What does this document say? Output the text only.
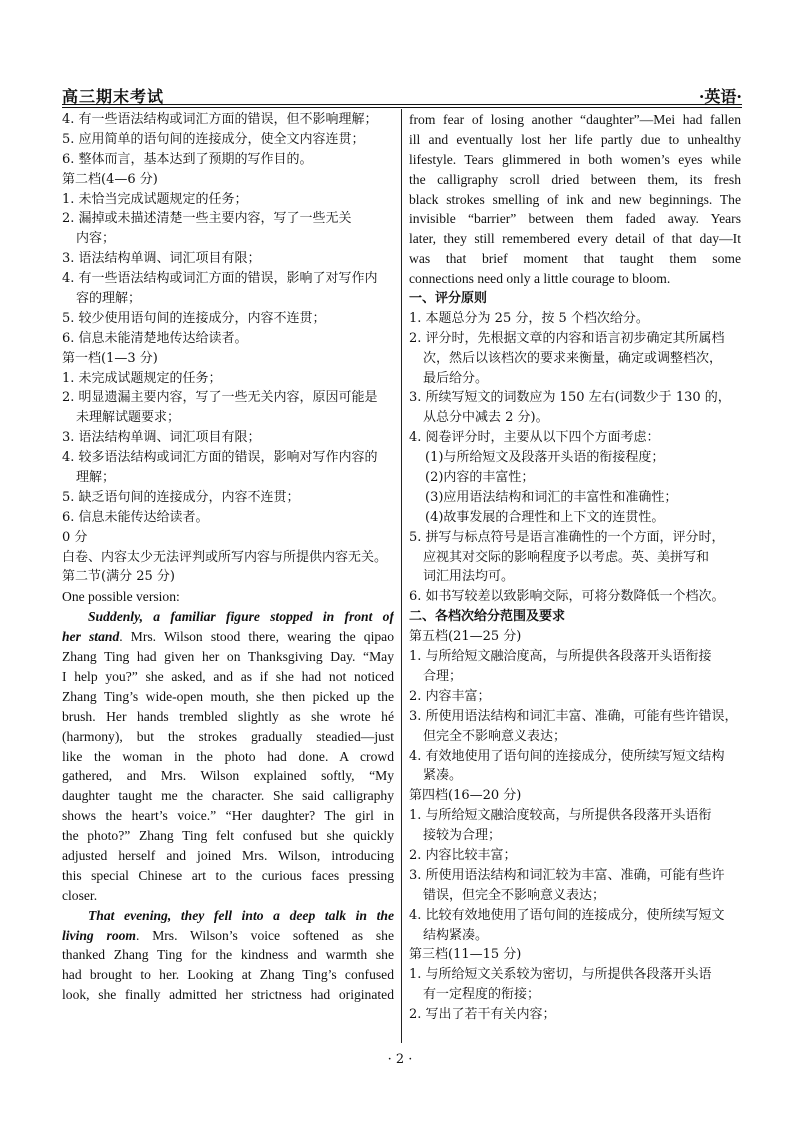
高三期末考试	·英语·
4. 有一些语法结构或词汇方面的错误，但不影响理解；
5. 应用简单的语句间的连接成分，使全文内容连贯；
6. 整体而言，基本达到了预期的写作目的。
第二档(4—6 分)
1. 未恰当完成试题规定的任务；
2. 漏掉或未描述清楚一些主要内容，写了一些无关
内容；
3. 语法结构单调、词汇项目有限；
4. 有一些语法结构或词汇方面的错误，影响了对写作内
容的理解；
5. 较少使用语句间的连接成分，内容不连贯；
6. 信息未能清楚地传达给读者。
第一档(1—3 分)
1. 未完成试题规定的任务；
2. 明显遗漏主要内容，写了一些无关内容，原因可能是
未理解试题要求；
3. 语法结构单调、词汇项目有限；
4. 较多语法结构或词汇方面的错误，影响对写作内容的
理解；
5. 缺乏语句间的连接成分，内容不连贯；
6. 信息未能传达给读者。
0 分
白卷、内容太少无法评判或所写内容与所提供内容无关。
第二节(满分 25 分)
One possible version:
Suddenly, a familiar figure stopped in front of
her stand. Mrs. Wilson stood there, wearing the qipao
Zhang Ting had given her on Thanksgiving Day. “May
I help you?” she asked, and as if she had not noticed
Zhang Ting’s wide-open mouth, she then picked up the
brush. Her hands trembled slightly as she wrote hé
(harmony), but the strokes gradually steadied—just
like the woman in the photo had done. A crowd
gathered, and Mrs. Wilson explained softly, “My
daughter taught me the character. She said calligraphy
shows the heart’s voice.” “Her daughter? The girl in
the photo?” Zhang Ting felt confused but she quickly
adjusted herself and joined Mrs. Wilson, introducing
this special Chinese art to the curious faces pressing
closer.
That evening, they fell into a deep talk in the
living room. Mrs. Wilson’s voice softened as she
thanked Zhang Ting for the kindness and warmth she
had brought to her. Looking at Zhang Ting’s confused
look, she finally admitted her strictness had originated
from fear of losing another “daughter”—Mei had fallen
ill and eventually lost her life partly due to unhealthy
lifestyle. Tears glimmered in both women’s eyes while
the calligraphy scroll dried between them, its fresh
black strokes smelling of ink and new beginnings. The
invisible “barrier” between them faded away. Years
later, they still remembered every detail of that day—It
was that brief moment that taught them some
connections need only a little courage to bloom.
一、评分原则
1. 本题总分为 25 分，按 5 个档次给分。
2. 评分时，先根据文章的内容和语言初步确定其所属档
次，然后以该档次的要求来衡量，确定或调整档次，
最后给分。
3. 所续写短文的词数应为 150 左右(词数少于 130 的，
从总分中减去 2 分)。
4. 阅卷评分时，主要从以下四个方面考虑：
(1)与所给短文及段落开头语的衔接程度；
(2)内容的丰富性；
(3)应用语法结构和词汇的丰富性和准确性；
(4)故事发展的合理性和上下文的连贯性。
5. 拼写与标点符号是语言准确性的一个方面，评分时，
应视其对交际的影响程度予以考虑。英、美拼写和
词汇用法均可。
6. 如书写较差以致影响交际，可将分数降低一个档次。
二、各档次给分范围及要求
第五档(21—25 分)
1. 与所给短文融洽度高，与所提供各段落开头语衔接
合理；
2. 内容丰富；
3. 所使用语法结构和词汇丰富、准确，可能有些许错误，
但完全不影响意义表达；
4. 有效地使用了语句间的连接成分，使所续写短文结构
紧凑。
第四档(16—20 分)
1. 与所给短文融洽度较高，与所提供各段落开头语衔
接较为合理；
2. 内容比较丰富；
3. 所使用语法结构和词汇较为丰富、准确，可能有些许
错误，但完全不影响意义表达；
4. 比较有效地使用了语句间的连接成分，使所续写短文
结构紧凑。
第三档(11—15 分)
1. 与所给短文关系较为密切，与所提供各段落开头语
有一定程度的衔接；
2. 写出了若干有关内容；
· 2 ·
